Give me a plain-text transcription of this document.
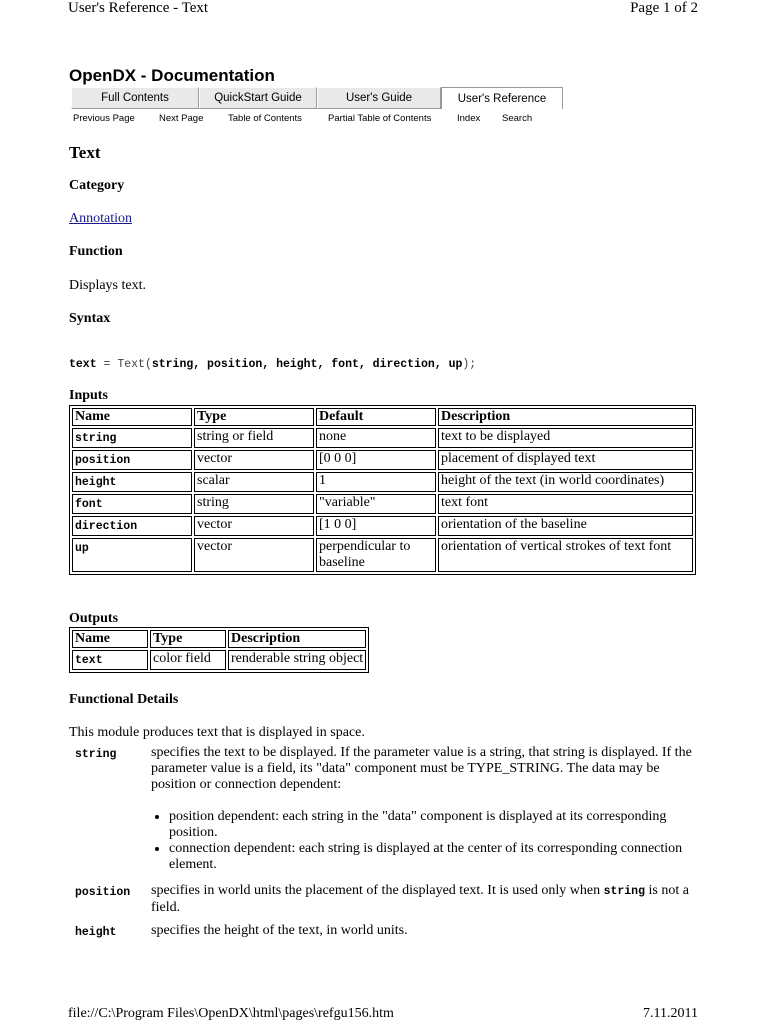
User's Reference - Text	Page 1 of 2
OpenDX - Documentation
Full Contents	QuickStart Guide	User's Guide	User's Reference
Previous Page	Next Page	Table of Contents	Partial Table of Contents	Index Search
Text
Category
Annotation
Function
Displays text.
Syntax
text = Text(string, position, height, font, direction, up);
Inputs
Name	Type	Default	Description
string	string or field	none	text to be displayed
position	vector	[0 0 0]	placement of displayed text
height	scalar	1	height of the text (in world coordinates)
font	string	"variable"	text font
direction	vector	[1 0 0]	orientation of the baseline
up	vector	perpendicular to baseline	orientation of vertical strokes of text font
Outputs
Name	Type	Description
text	color field	renderable string object
Functional Details
This module produces text that is displayed in space.
string specifies the text to be displayed. If the parameter value is a string, that string is displayed. If the parameter value is a field, its "data" component must be TYPE_STRING. The data may be position or connection dependent:
• position dependent: each string in the "data" component is displayed at its corresponding position.
• connection dependent: each string is displayed at the center of its corresponding connection element.
position specifies in world units the placement of the displayed text. It is used only when string is not a field.
height specifies the height of the text, in world units.
file://C:\Program Files\OpenDX\html\pages\refgu156.htm	7.11.2011
